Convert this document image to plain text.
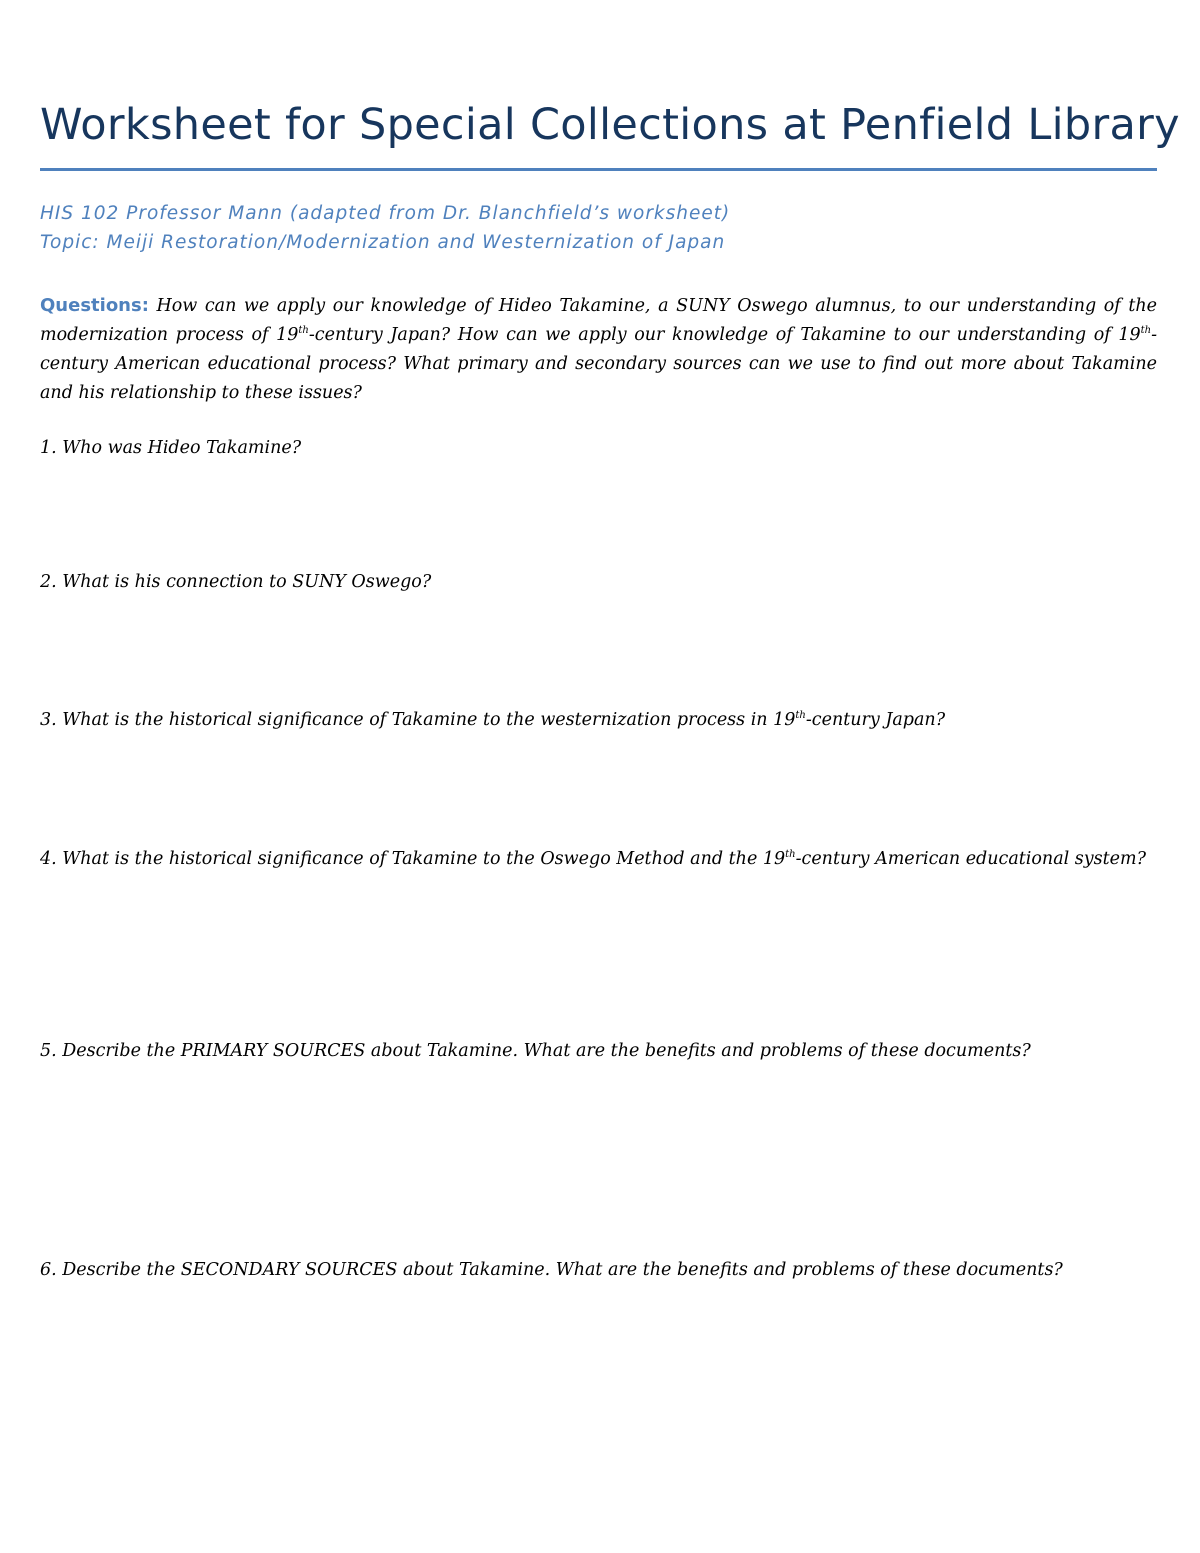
Worksheet for Special Collections at Penfield Library
HIS 102 Professor Mann (adapted from Dr. Blanchfield’s worksheet)
Topic: Meiji Restoration/Modernization and Westernization of Japan

Questions: How can we apply our knowledge of Hideo Takamine, a SUNY Oswego alumnus, to our understanding of the modernization process of 19th-century Japan? How can we apply our knowledge of Takamine to our understanding of 19th-century American educational process? What primary and secondary sources can we use to find out more about Takamine and his relationship to these issues?

1. Who was Hideo Takamine?

2. What is his connection to SUNY Oswego?

3. What is the historical significance of Takamine to the westernization process in 19th-century Japan?

4. What is the historical significance of Takamine to the Oswego Method and the 19th-century American educational system?

5. Describe the PRIMARY SOURCES about Takamine. What are the benefits and problems of these documents?

6. Describe the SECONDARY SOURCES about Takamine. What are the benefits and problems of these documents?
